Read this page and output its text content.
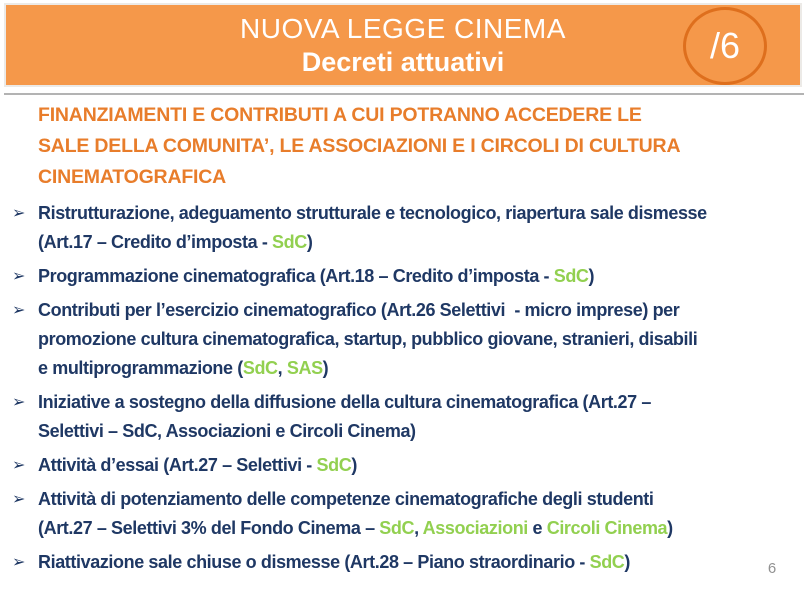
NUOVA LEGGE CINEMA
Decreti attuativi	/6
FINANZIAMENTI E CONTRIBUTI A CUI POTRANNO ACCEDERE LE
SALE DELLA COMUNITA’, LE ASSOCIAZIONI E I CIRCOLI DI CULTURA
CINEMATOGRAFICA
➢ Ristrutturazione, adeguamento strutturale e tecnologico, riapertura sale dismesse
(Art.17 – Credito d’imposta - SdC)
➢ Programmazione cinematografica (Art.18 – Credito d’imposta - SdC)
➢ Contributi per l’esercizio cinematografico (Art.26 Selettivi  - micro imprese) per
promozione cultura cinematografica, startup, pubblico giovane, stranieri, disabili
e multiprogrammazione (SdC, SAS)
➢ Iniziative a sostegno della diffusione della cultura cinematografica (Art.27 –
Selettivi – SdC, Associazioni e Circoli Cinema)
➢ Attività d’essai (Art.27 – Selettivi - SdC)
➢ Attività di potenziamento delle competenze cinematografiche degli studenti
(Art.27 – Selettivi 3% del Fondo Cinema – SdC, Associazioni e Circoli Cinema)
➢ Riattivazione sale chiuse o dismesse (Art.28 – Piano straordinario - SdC)	6
